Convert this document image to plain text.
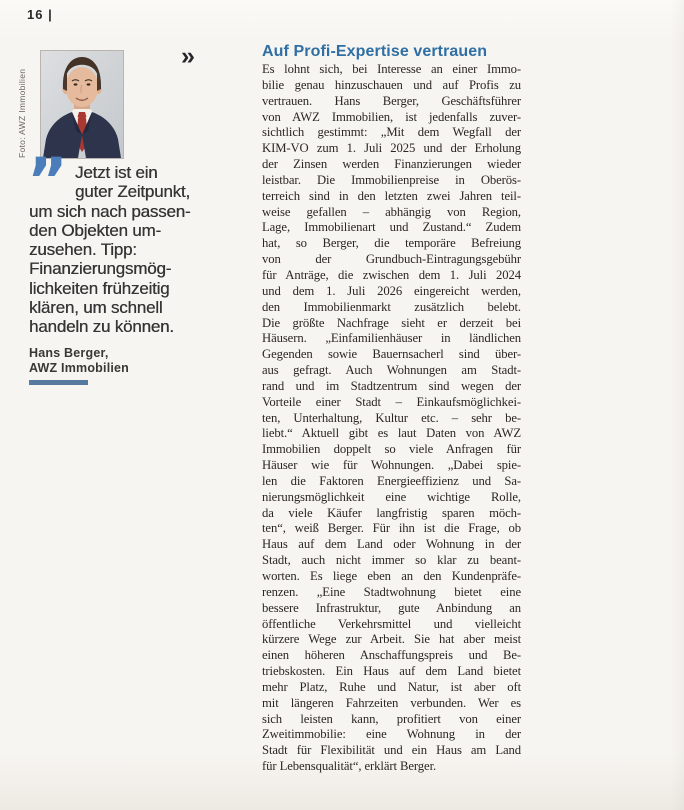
16 |
Foto: AWZ Immobilien
»
” Jetzt ist ein
guter Zeitpunkt,
um sich nach passen-
den Objekten um-
zusehen. Tipp:
Finanzierungsmög-
lichkeiten frühzeitig
klären, um schnell
handeln zu können.
Hans Berger,
AWZ Immobilien
Auf Profi-Expertise vertrauen
Es lohnt sich, bei Interesse an einer Immo-
bilie genau hinzuschauen und auf Profis zu
vertrauen. Hans Berger, Geschäftsführer
von AWZ Immobilien, ist jedenfalls zuver-
sichtlich gestimmt: „Mit dem Wegfall der
KIM-VO zum 1. Juli 2025 und der Erholung
der Zinsen werden Finanzierungen wieder
leistbar. Die Immobilienpreise in Oberös-
terreich sind in den letzten zwei Jahren teil-
weise gefallen – abhängig von Region,
Lage, Immobilienart und Zustand.“ Zudem
hat, so Berger, die temporäre Befreiung
von der Grundbuch-Eintragungsgebühr
für Anträge, die zwischen dem 1. Juli 2024
und dem 1. Juli 2026 eingereicht werden,
den Immobilienmarkt zusätzlich belebt.
Die größte Nachfrage sieht er derzeit bei
Häusern. „Einfamilienhäuser in ländlichen
Gegenden sowie Bauernsacherl sind über-
aus gefragt. Auch Wohnungen am Stadt-
rand und im Stadtzentrum sind wegen der
Vorteile einer Stadt – Einkaufsmöglichkei-
ten, Unterhaltung, Kultur etc. – sehr be-
liebt.“ Aktuell gibt es laut Daten von AWZ
Immobilien doppelt so viele Anfragen für
Häuser wie für Wohnungen. „Dabei spie-
len die Faktoren Energieeffizienz und Sa-
nierungsmöglichkeit eine wichtige Rolle,
da viele Käufer langfristig sparen möch-
ten“, weiß Berger. Für ihn ist die Frage, ob
Haus auf dem Land oder Wohnung in der
Stadt, auch nicht immer so klar zu beant-
worten. Es liege eben an den Kundenpräfe-
renzen. „Eine Stadtwohnung bietet eine
bessere Infrastruktur, gute Anbindung an
öffentliche Verkehrsmittel und vielleicht
kürzere Wege zur Arbeit. Sie hat aber meist
einen höheren Anschaffungspreis und Be-
triebskosten. Ein Haus auf dem Land bietet
mehr Platz, Ruhe und Natur, ist aber oft
mit längeren Fahrzeiten verbunden. Wer es
sich leisten kann, profitiert von einer
Zweitimmobilie: eine Wohnung in der
Stadt für Flexibilität und ein Haus am Land
für Lebensqualität“, erklärt Berger.
